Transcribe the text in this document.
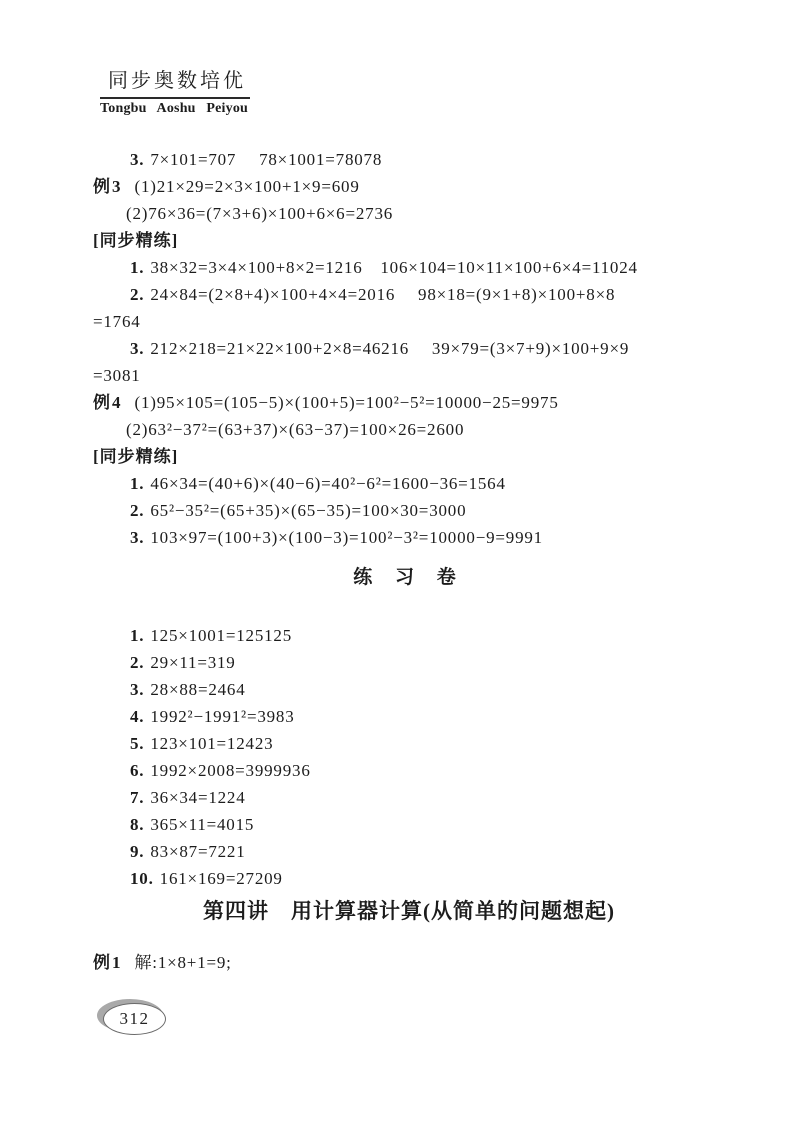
同步奥数培优
Tongbu Aoshu Peiyou
3. 7×101=707  78×1001=78078
例3 (1)21×29=2×3×100+1×9=609
(2)76×36=(7×3+6)×100+6×6=2736
[同步精练]
1. 38×32=3×4×100+8×2=1216 106×104=10×11×100+6×4=11024
2. 24×84=(2×8+4)×100+4×4=2016  98×18=(9×1+8)×100+8×8
=1764
3. 212×218=21×22×100+2×8=46216  39×79=(3×7+9)×100+9×9
=3081
例4 (1)95×105=(105−5)×(100+5)=100²−5²=10000−25=9975
(2)63²−37²=(63+37)×(63−37)=100×26=2600
[同步精练]
1. 46×34=(40+6)×(40−6)=40²−6²=1600−36=1564
2. 65²−35²=(65+35)×(65−35)=100×30=3000
3. 103×97=(100+3)×(100−3)=100²−3²=10000−9=9991
练 习 卷
1. 125×1001=125125
2. 29×11=319
3. 28×88=2464
4. 1992²−1991²=3983
5. 123×101=12423
6. 1992×2008=3999936
7. 36×34=1224
8. 365×11=4015
9. 83×87=7221
10. 161×169=27209
第四讲　用计算器计算(从简单的问题想起)
例1 解:1×8+1=9;
312
